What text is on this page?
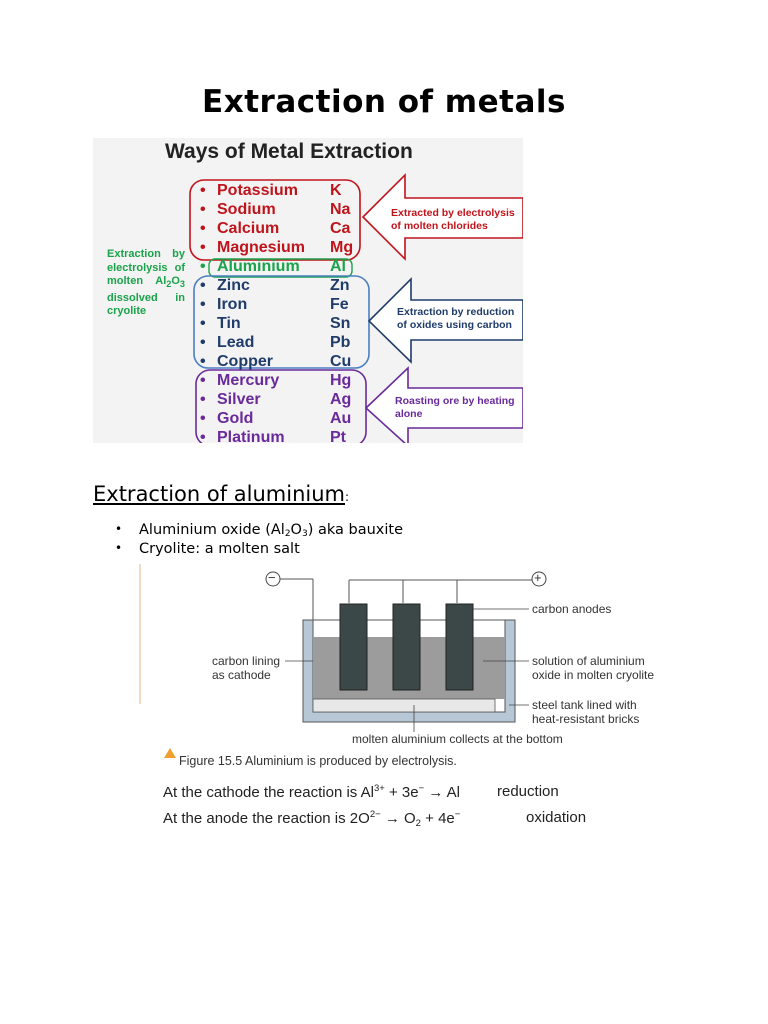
Extraction of metals
Ways of Metal Extraction
• Potassium K
• Sodium	Na
• Calcium	Ca
• Magnesium Mg
• Aluminium Al
• Zinc	Zn
• Iron	Fe
• Tin	Sn
• Lead	Pb
• Copper	Cu
• Mercury	Hg
• Silver	Ag
• Gold	Au
• Platinum	Pt
Extraction by electrolysis of molten $Al_2O_3$ dissolved in cryolite
Extracted by electrolysis
of molten chlorides
Extraction by reduction
of oxides using carbon
Roasting ore by heating
alone
Extraction of aluminium:
• Aluminium oxide $(Al_2O_3)$ aka bauxite
• Cryolite: a molten salt
−	+
carbon anodes
carbon lining
as cathode
solution of aluminium
oxide in molten cryolite
steel tank lined with
heat-resistant bricks
molten aluminium collects at the bottom
Figure 15.5 Aluminium is produced by electrolysis.
At the cathode the reaction is $Al^{3+} + 3e^- \to Al$ reduction
At the anode the reaction is $2O^{2-} \to O_2 + 4e^-$	oxidation
